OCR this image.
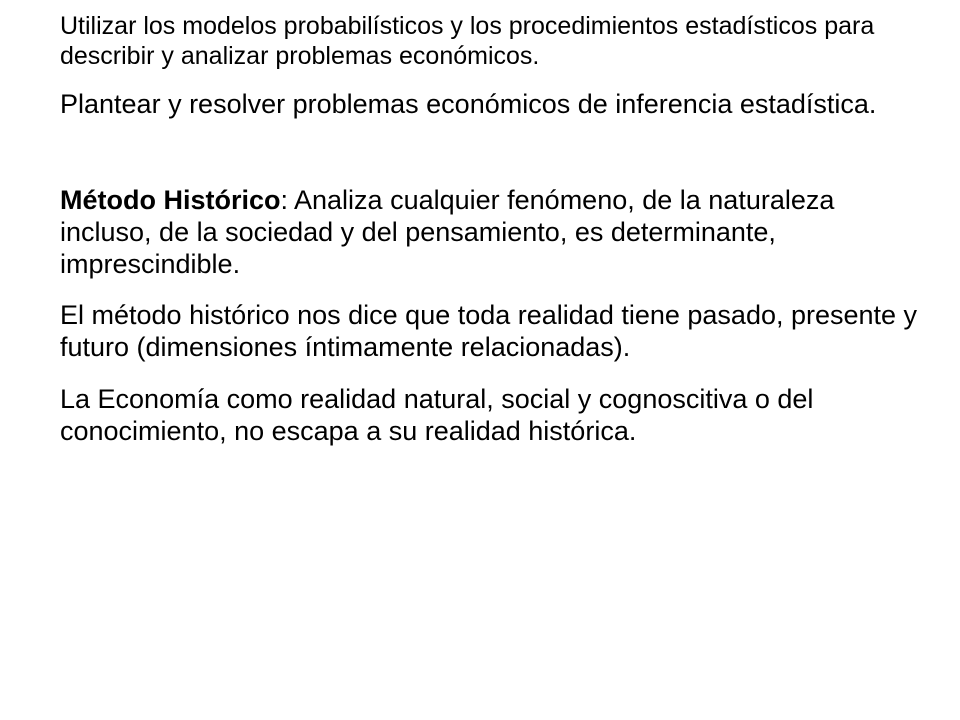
Utilizar los modelos probabilísticos y los procedimientos estadísticos para describir y analizar problemas económicos.

Plantear y resolver problemas económicos de inferencia estadística.

Método Histórico: Analiza cualquier fenómeno, de la naturaleza incluso, de la sociedad y del pensamiento, es determinante, imprescindible.

El método histórico nos dice que toda realidad tiene pasado, presente y futuro (dimensiones íntimamente relacionadas).

La Economía como realidad natural, social y cognoscitiva o del conocimiento, no escapa a su realidad histórica.
